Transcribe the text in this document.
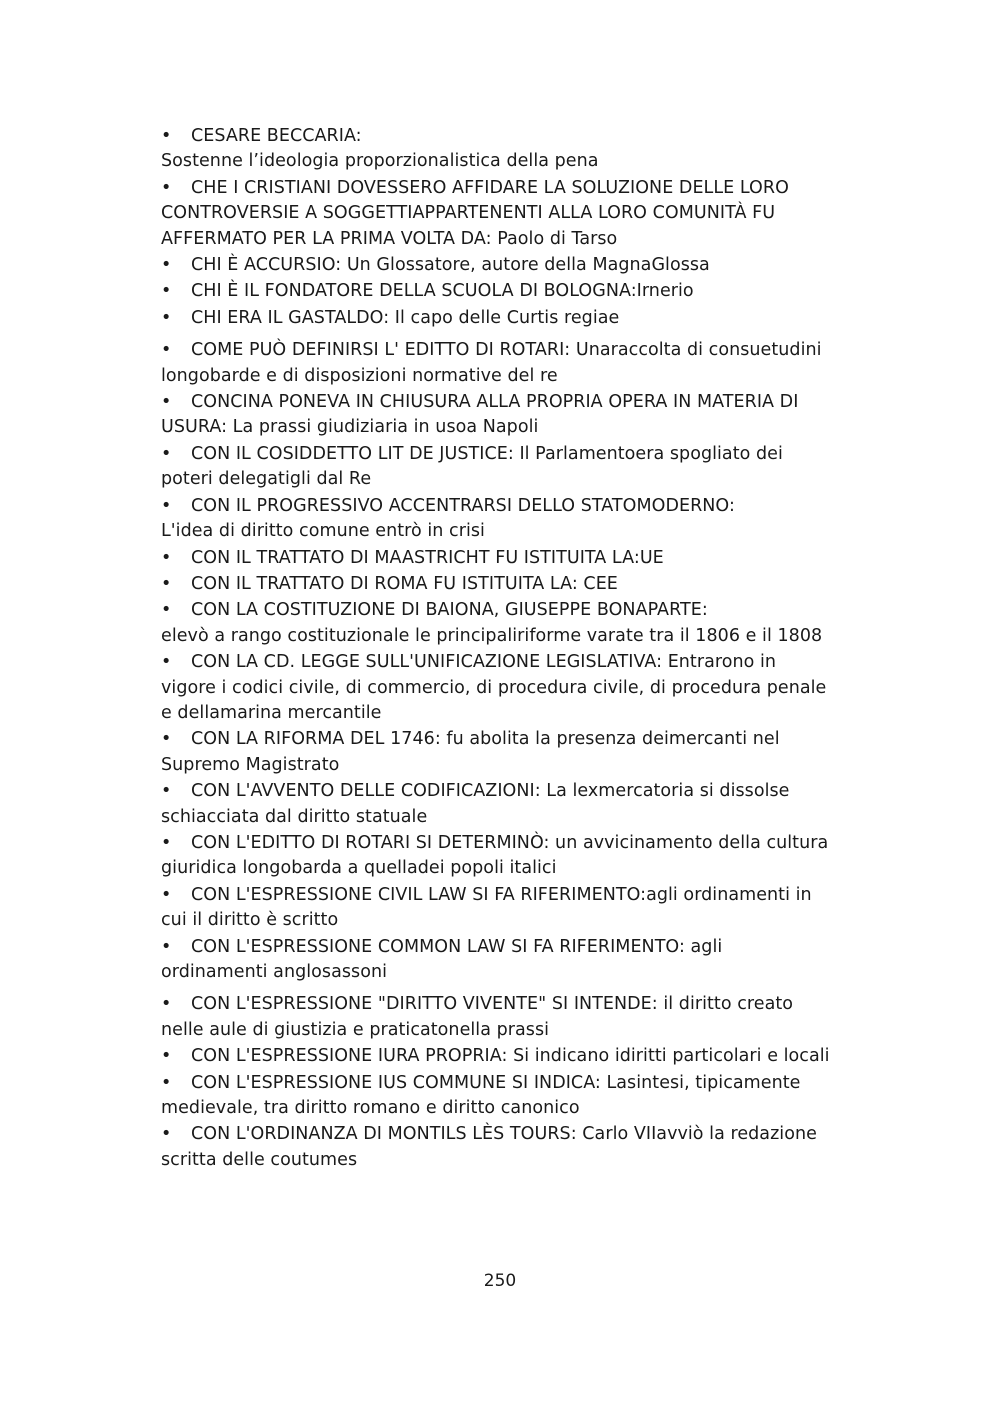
• CESARE BECCARIA:
Sostenne l’ideologia proporzionalistica della pena
• CHE I CRISTIANI DOVESSERO AFFIDARE LA SOLUZIONE DELLE LORO CONTROVERSIE A SOGGETTIAPPARTENENTI ALLA LORO COMUNITÀ FU AFFERMATO PER LA PRIMA VOLTA DA: Paolo di Tarso
• CHI È ACCURSIO: Un Glossatore, autore della MagnaGlossa
• CHI È IL FONDATORE DELLA SCUOLA DI BOLOGNA:Irnerio
• CHI ERA IL GASTALDO: Il capo delle Curtis regiae
• COME PUÒ DEFINIRSI L' EDITTO DI ROTARI: Unaraccolta di consuetudini longobarde e di disposizioni normative del re
• CONCINA PONEVA IN CHIUSURA ALLA PROPRIA OPERA IN MATERIA DI USURA: La prassi giudiziaria in usoa Napoli
• CON IL COSIDDETTO LIT DE JUSTICE: Il Parlamentoera spogliato dei poteri delegatigli dal Re
• CON IL PROGRESSIVO ACCENTRARSI DELLO STATOMODERNO:
L'idea di diritto comune entrò in crisi
• CON IL TRATTATO DI MAASTRICHT FU ISTITUITA LA:UE
• CON IL TRATTATO DI ROMA FU ISTITUITA LA: CEE
• CON LA COSTITUZIONE DI BAIONA, GIUSEPPE BONAPARTE:
elevò a rango costituzionale le principaliriforme varate tra il 1806 e il 1808
• CON LA CD. LEGGE SULL'UNIFICAZIONE LEGISLATIVA: Entrarono in vigore i codici civile, di commercio, di procedura civile, di procedura penale e dellamarina mercantile
• CON LA RIFORMA DEL 1746: fu abolita la presenza deimercanti nel Supremo Magistrato
• CON L'AVVENTO DELLE CODIFICAZIONI: La lexmercatoria si dissolse schiacciata dal diritto statuale
• CON L'EDITTO DI ROTARI SI DETERMINÒ: un avvicinamento della cultura giuridica longobarda a quelladei popoli italici
• CON L'ESPRESSIONE CIVIL LAW SI FA RIFERIMENTO:agli ordinamenti in cui il diritto è scritto
• CON L'ESPRESSIONE COMMON LAW SI FA RIFERIMENTO: agli ordinamenti anglosassoni
• CON L'ESPRESSIONE "DIRITTO VIVENTE" SI INTENDE: il diritto creato nelle aule di giustizia e praticatonella prassi
• CON L'ESPRESSIONE IURA PROPRIA: Si indicano idiritti particolari e locali
• CON L'ESPRESSIONE IUS COMMUNE SI INDICA: Lasintesi, tipicamente medievale, tra diritto romano e diritto canonico
• CON L'ORDINANZA DI MONTILS LÈS TOURS: Carlo VIIavviò la redazione scritta delle coutumes
250
